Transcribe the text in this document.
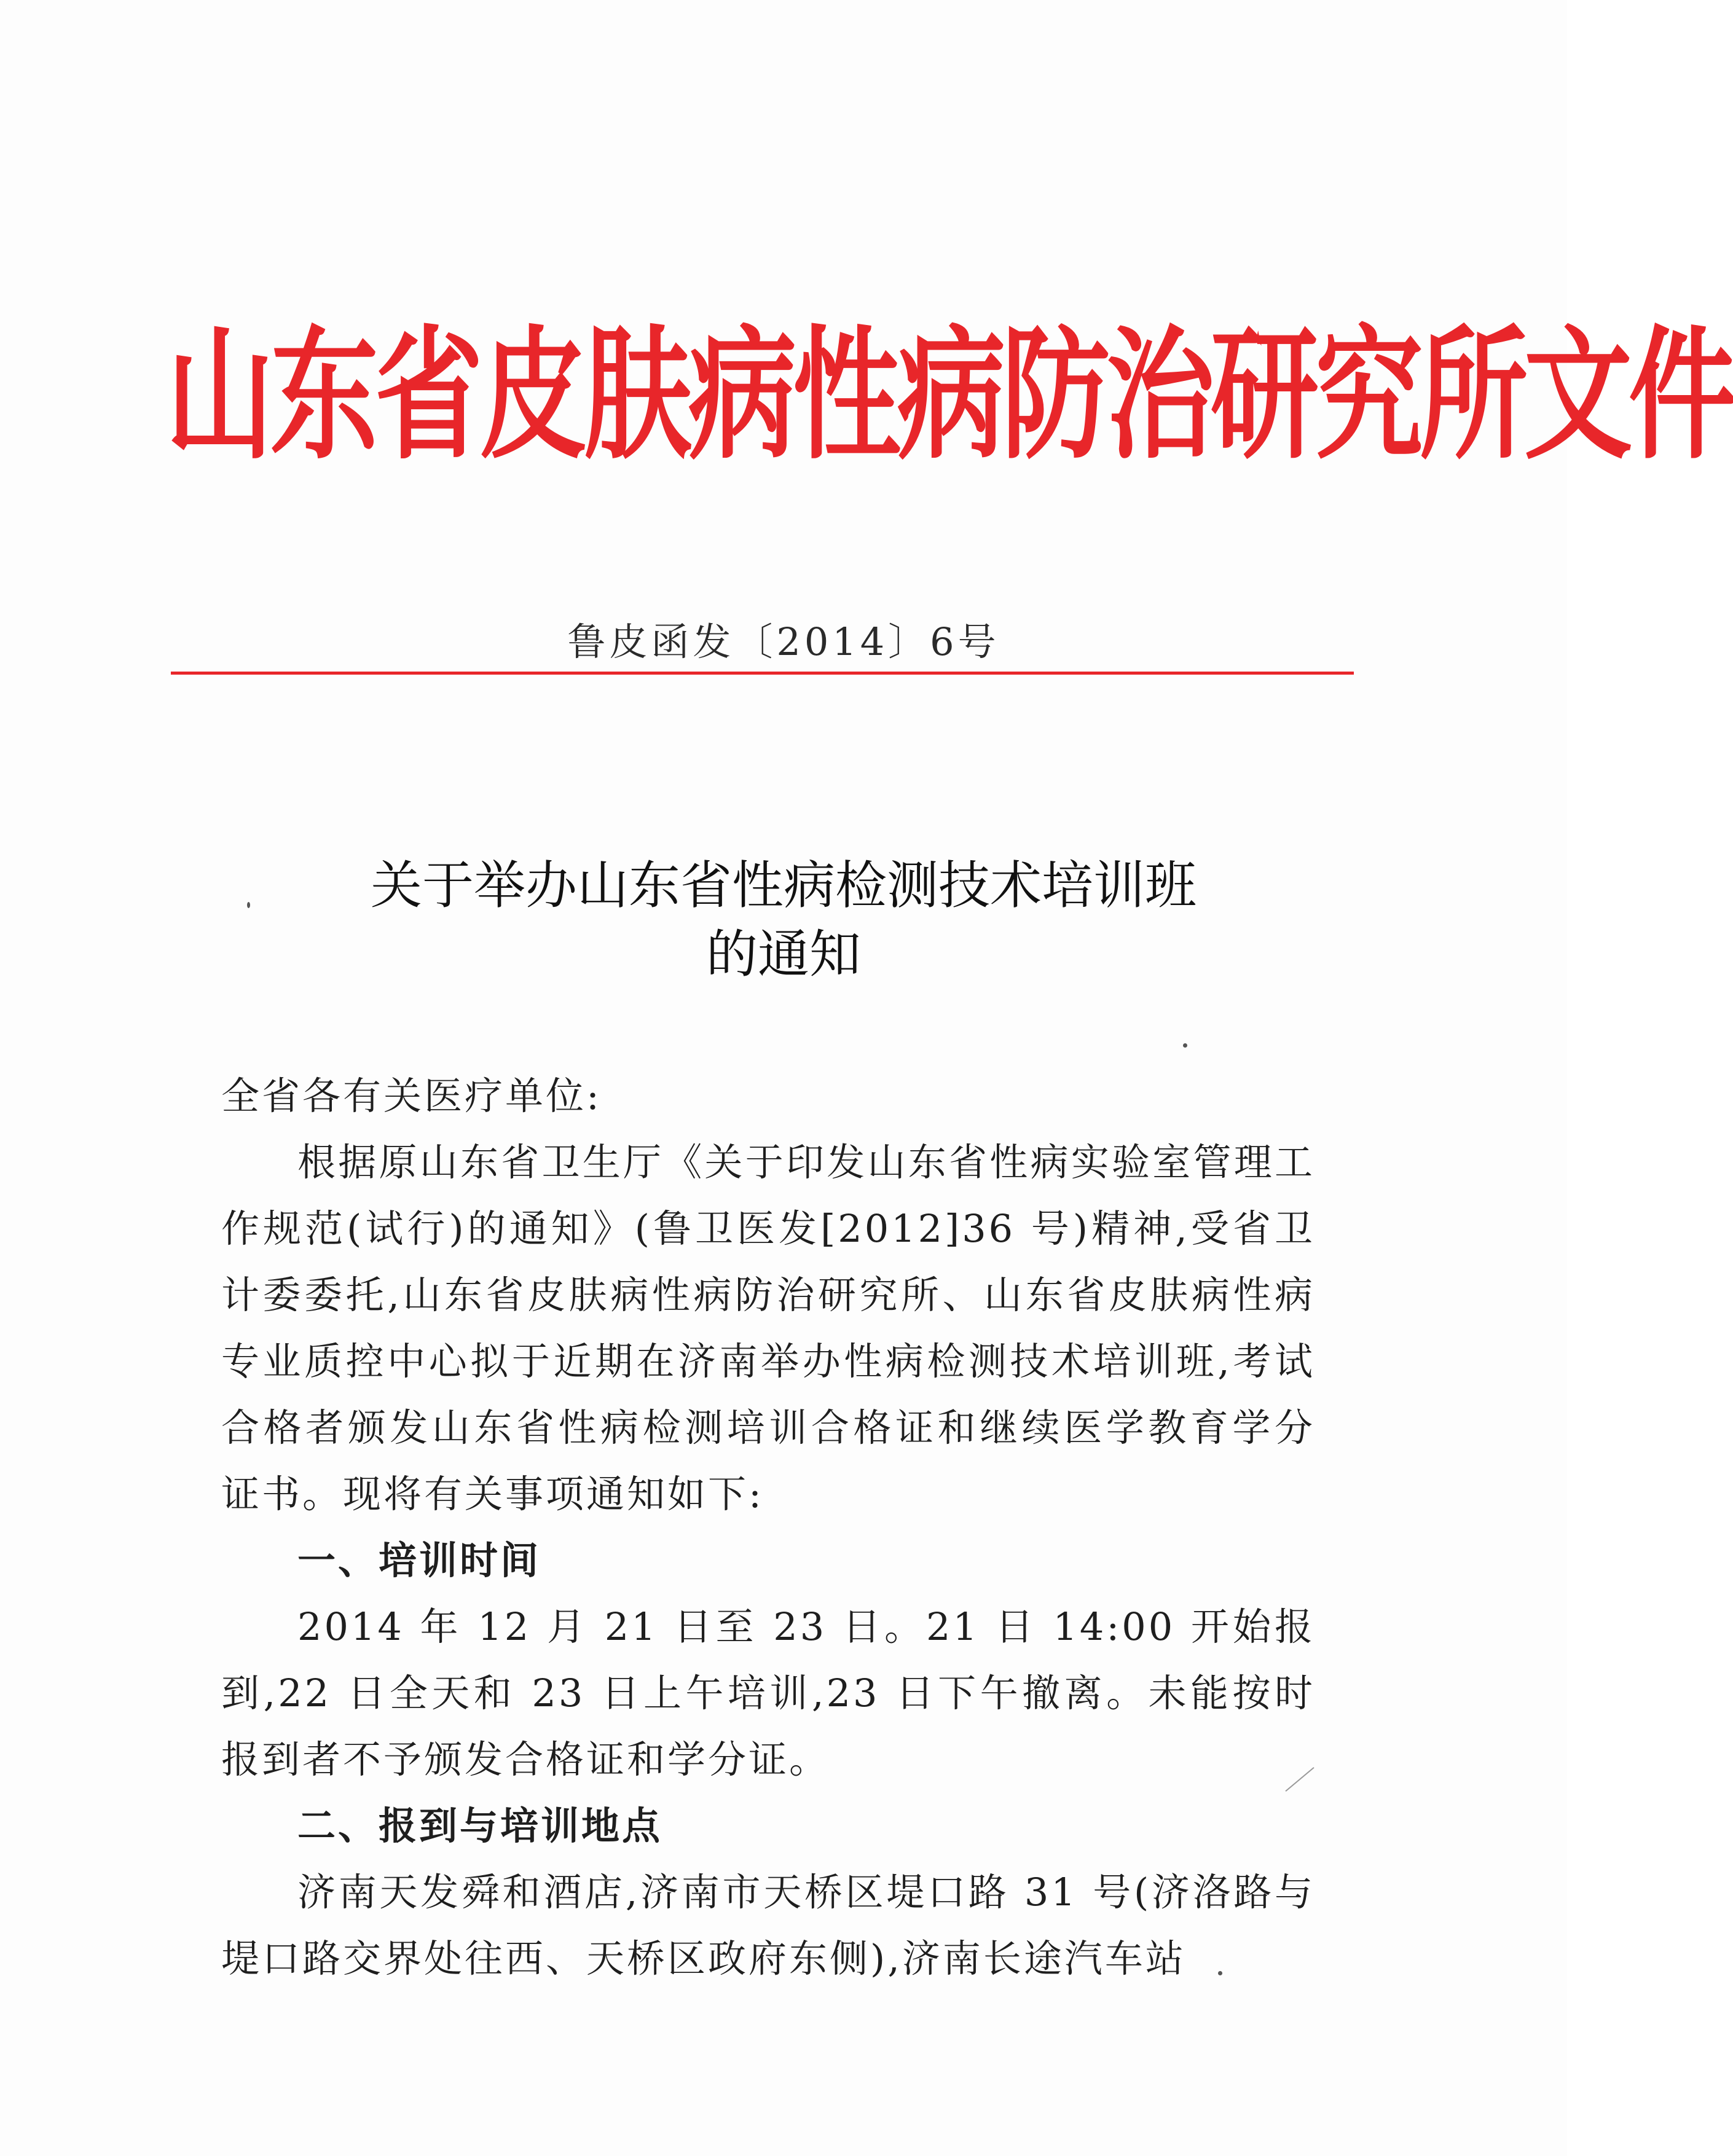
山东省皮肤病性病防治研究所文件
鲁皮函发〔2014〕6号
关于举办山东省性病检测技术培训班
的通知

全省各有关医疗单位:

根据原山东省卫生厅《关于印发山东省性病实验室管理工作规范(试行)的通知》(鲁卫医发[2012]36 号)精神,受省卫计委委托,山东省皮肤病性病防治研究所、山东省皮肤病性病专业质控中心拟于近期在济南举办性病检测技术培训班,考试合格者颁发山东省性病检测培训合格证和继续医学教育学分证书。现将有关事项通知如下:

一、培训时间

2014 年 12 月 21 日至 23 日。21 日 14:00 开始报到,22 日全天和 23 日上午培训,23 日下午撤离。未能按时报到者不予颁发合格证和学分证。

二、报到与培训地点

济南天发舜和酒店,济南市天桥区堤口路 31 号(济洛路与堤口路交界处往西、天桥区政府东侧),济南长途汽车站
